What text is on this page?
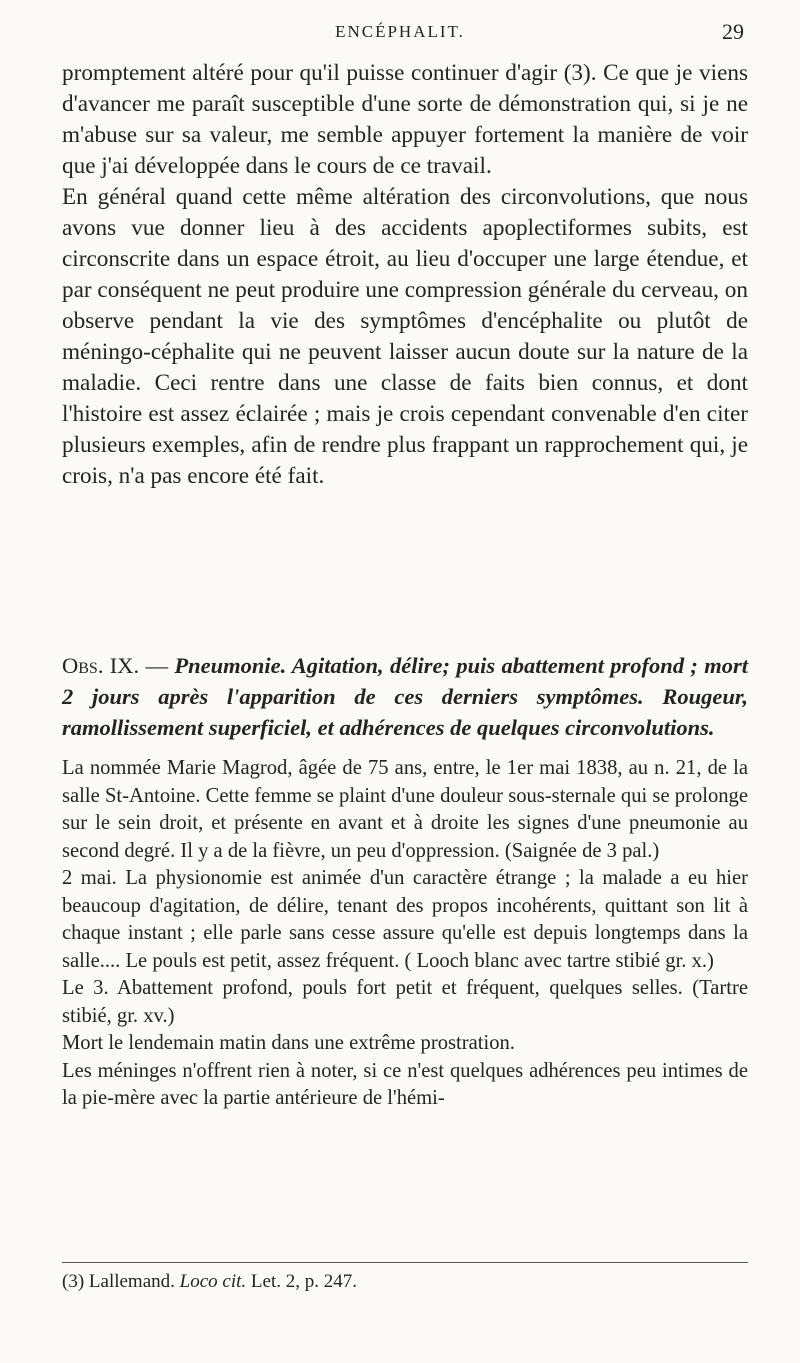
ENCÉPHALIT.	29

promptement altéré pour qu'il puisse continuer d'agir (3). Ce que je viens d'avancer me paraît susceptible d'une sorte de démonstration qui, si je ne m'abuse sur sa valeur, me semble appuyer fortement la manière de voir que j'ai développée dans le cours de ce travail.

En général quand cette même altération des circonvolutions, que nous avons vue donner lieu à des accidents apoplectiformes subits, est circonscrite dans un espace étroit, au lieu d'occuper une large étendue, et par conséquent ne peut produire une compression générale du cerveau, on observe pendant la vie des symptômes d'encéphalite ou plutôt de méningo-céphalite qui ne peuvent laisser aucun doute sur la nature de la maladie. Ceci rentre dans une classe de faits bien connus, et dont l'histoire est assez éclairée ; mais je crois cependant convenable d'en citer plusieurs exemples, afin de rendre plus frappant un rapprochement qui, je crois, n'a pas encore été fait.

Obs. IX. — Pneumonie. Agitation, délire; puis abattement profond ; mort 2 jours après l'apparition de ces derniers symptômes. Rougeur, ramollissement superficiel, et adhérences de quelques circonvolutions.

La nommée Marie Magrod, âgée de 75 ans, entre, le 1er mai 1838, au n. 21, de la salle St-Antoine. Cette femme se plaint d'une douleur sous-sternale qui se prolonge sur le sein droit, et présente en avant et à droite les signes d'une pneumonie au second degré. Il y a de la fièvre, un peu d'oppression. (Saignée de 3 pal.)

2 mai. La physionomie est animée d'un caractère étrange ; la malade a eu hier beaucoup d'agitation, de délire, tenant des propos incohérents, quittant son lit à chaque instant ; elle parle sans cesse assure qu'elle est depuis longtemps dans la salle.... Le pouls est petit, assez fréquent. ( Looch blanc avec tartre stibié gr. x.)

Le 3. Abattement profond, pouls fort petit et fréquent, quelques selles. (Tartre stibié, gr. xv.)

Mort le lendemain matin dans une extrême prostration.

Les méninges n'offrent rien à noter, si ce n'est quelques adhérences peu intimes de la pie-mère avec la partie antérieure de l'hémi-

(3) Lallemand. Loco cit. Let. 2, p. 247.
